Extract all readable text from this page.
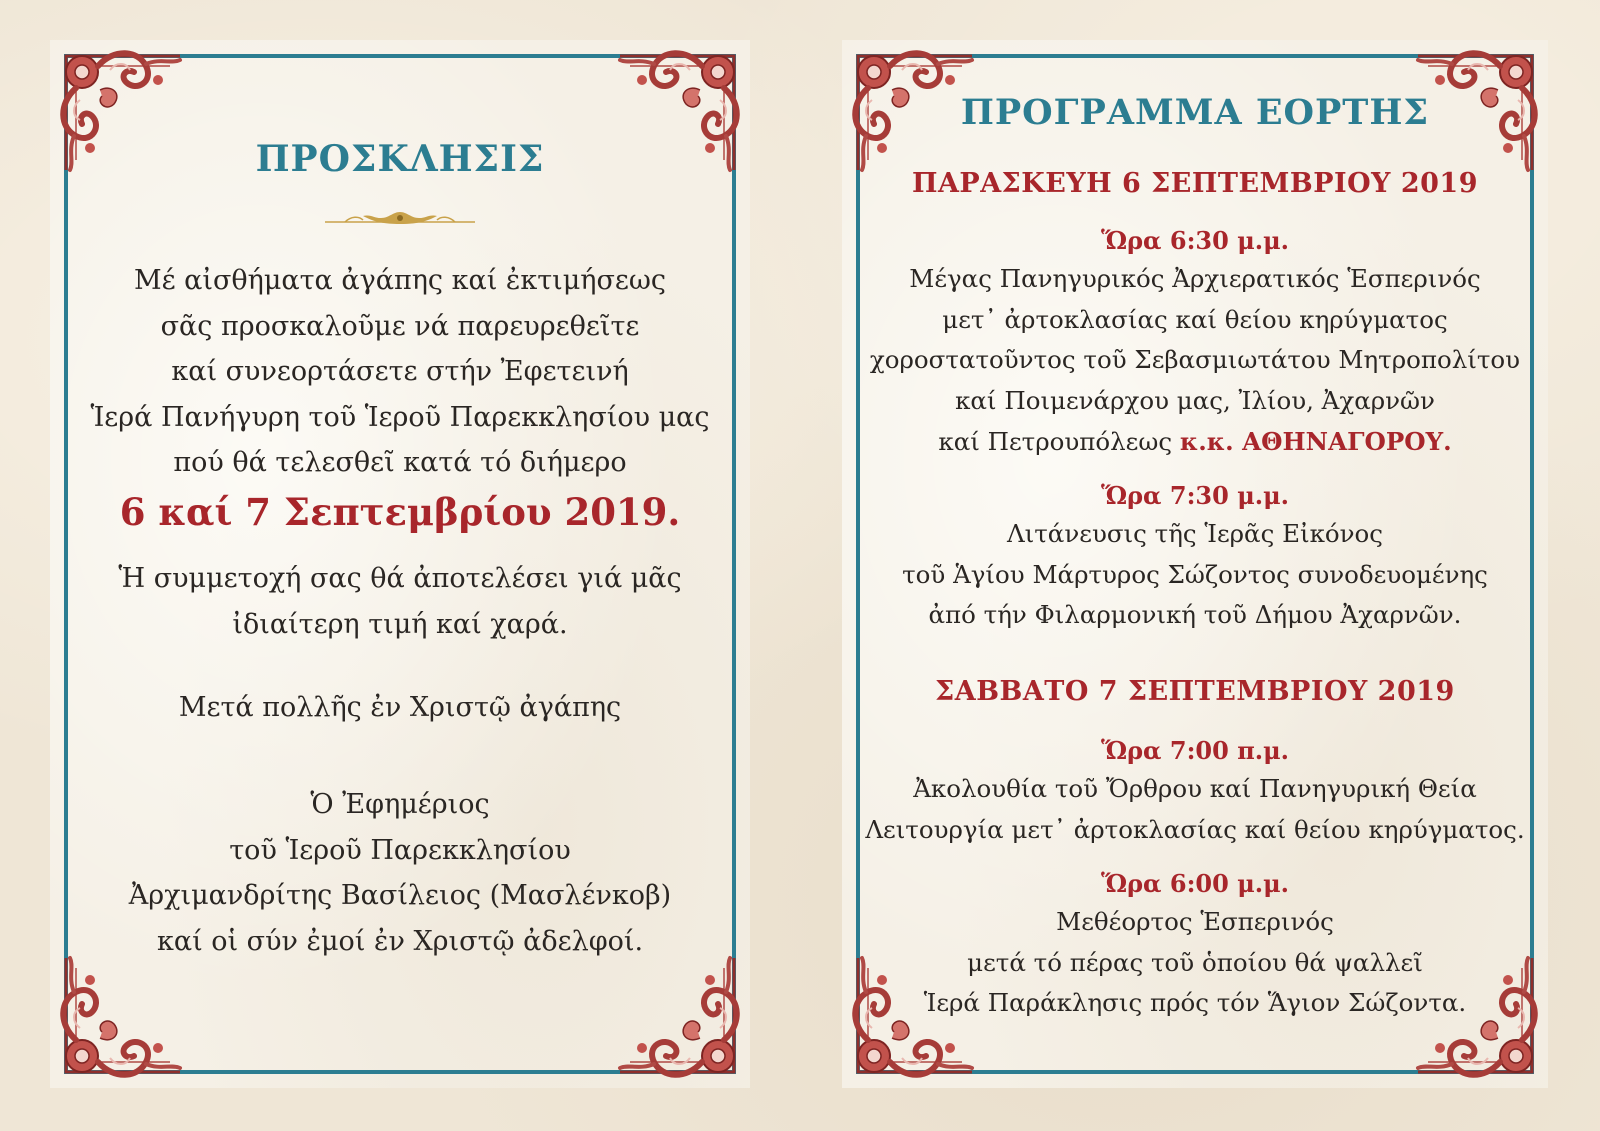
ΠΡΟΣΚΛΗΣΙΣ
Μέ αἰσθήματα ἀγάπης καί ἐκτιμήσεως
σᾶς προσκαλοῦμε νά παρευρεθεῖτε
καί συνεορτάσετε στήν Ἐφετεινή
Ἱερά Πανήγυρη τοῦ Ἱεροῦ Παρεκκλησίου μας
πού θά τελεσθεῖ κατά τό διήμερο
6 καί 7 Σεπτεμβρίου 2019.
Ἡ συμμετοχή σας θά ἀποτελέσει γιά μᾶς
ἰδιαίτερη τιμή καί χαρά.
Μετά πολλῆς ἐν Χριστῷ ἀγάπης
Ὁ Ἐφημέριος
τοῦ Ἱεροῦ Παρεκκλησίου
Ἀρχιμανδρίτης Βασίλειος (Μασλένκοβ)
καί οἱ σύν ἐμοί ἐν Χριστῷ ἀδελφοί.
ΠΡΟΓΡΑΜΜΑ ΕΟΡΤΗΣ
ΠΑΡΑΣΚΕΥΗ 6 ΣΕΠΤΕΜΒΡΙΟΥ 2019
Ὥρα 6:30 μ.μ.
Μέγας Πανηγυρικός Ἀρχιερατικός Ἑσπερινός
μετ᾽ ἀρτοκλασίας καί θείου κηρύγματος
χοροστατοῦντος τοῦ Σεβασμιωτάτου Μητροπολίτου
καί Ποιμενάρχου μας, Ἰλίου, Ἀχαρνῶν
καί Πετρουπόλεως κ.κ. ΑΘΗΝΑΓΟΡΟΥ.
Ὥρα 7:30 μ.μ.
Λιτάνευσις τῆς Ἱερᾶς Εἰκόνος
τοῦ Ἁγίου Μάρτυρος Σώζοντος συνοδευομένης
ἀπό τήν Φιλαρμονική τοῦ Δήμου Ἀχαρνῶν.
ΣΑΒΒΑΤΟ 7 ΣΕΠΤΕΜΒΡΙΟΥ 2019
Ὥρα 7:00 π.μ.
Ἀκολουθία τοῦ Ὄρθρου καί Πανηγυρική Θεία
Λειτουργία μετ᾽ ἀρτοκλασίας καί θείου κηρύγματος.
Ὥρα 6:00 μ.μ.
Μεθέορτος Ἑσπερινός
μετά τό πέρας τοῦ ὁποίου θά ψαλλεῖ
Ἱερά Παράκλησις πρός τόν Ἅγιον Σώζοντα.
